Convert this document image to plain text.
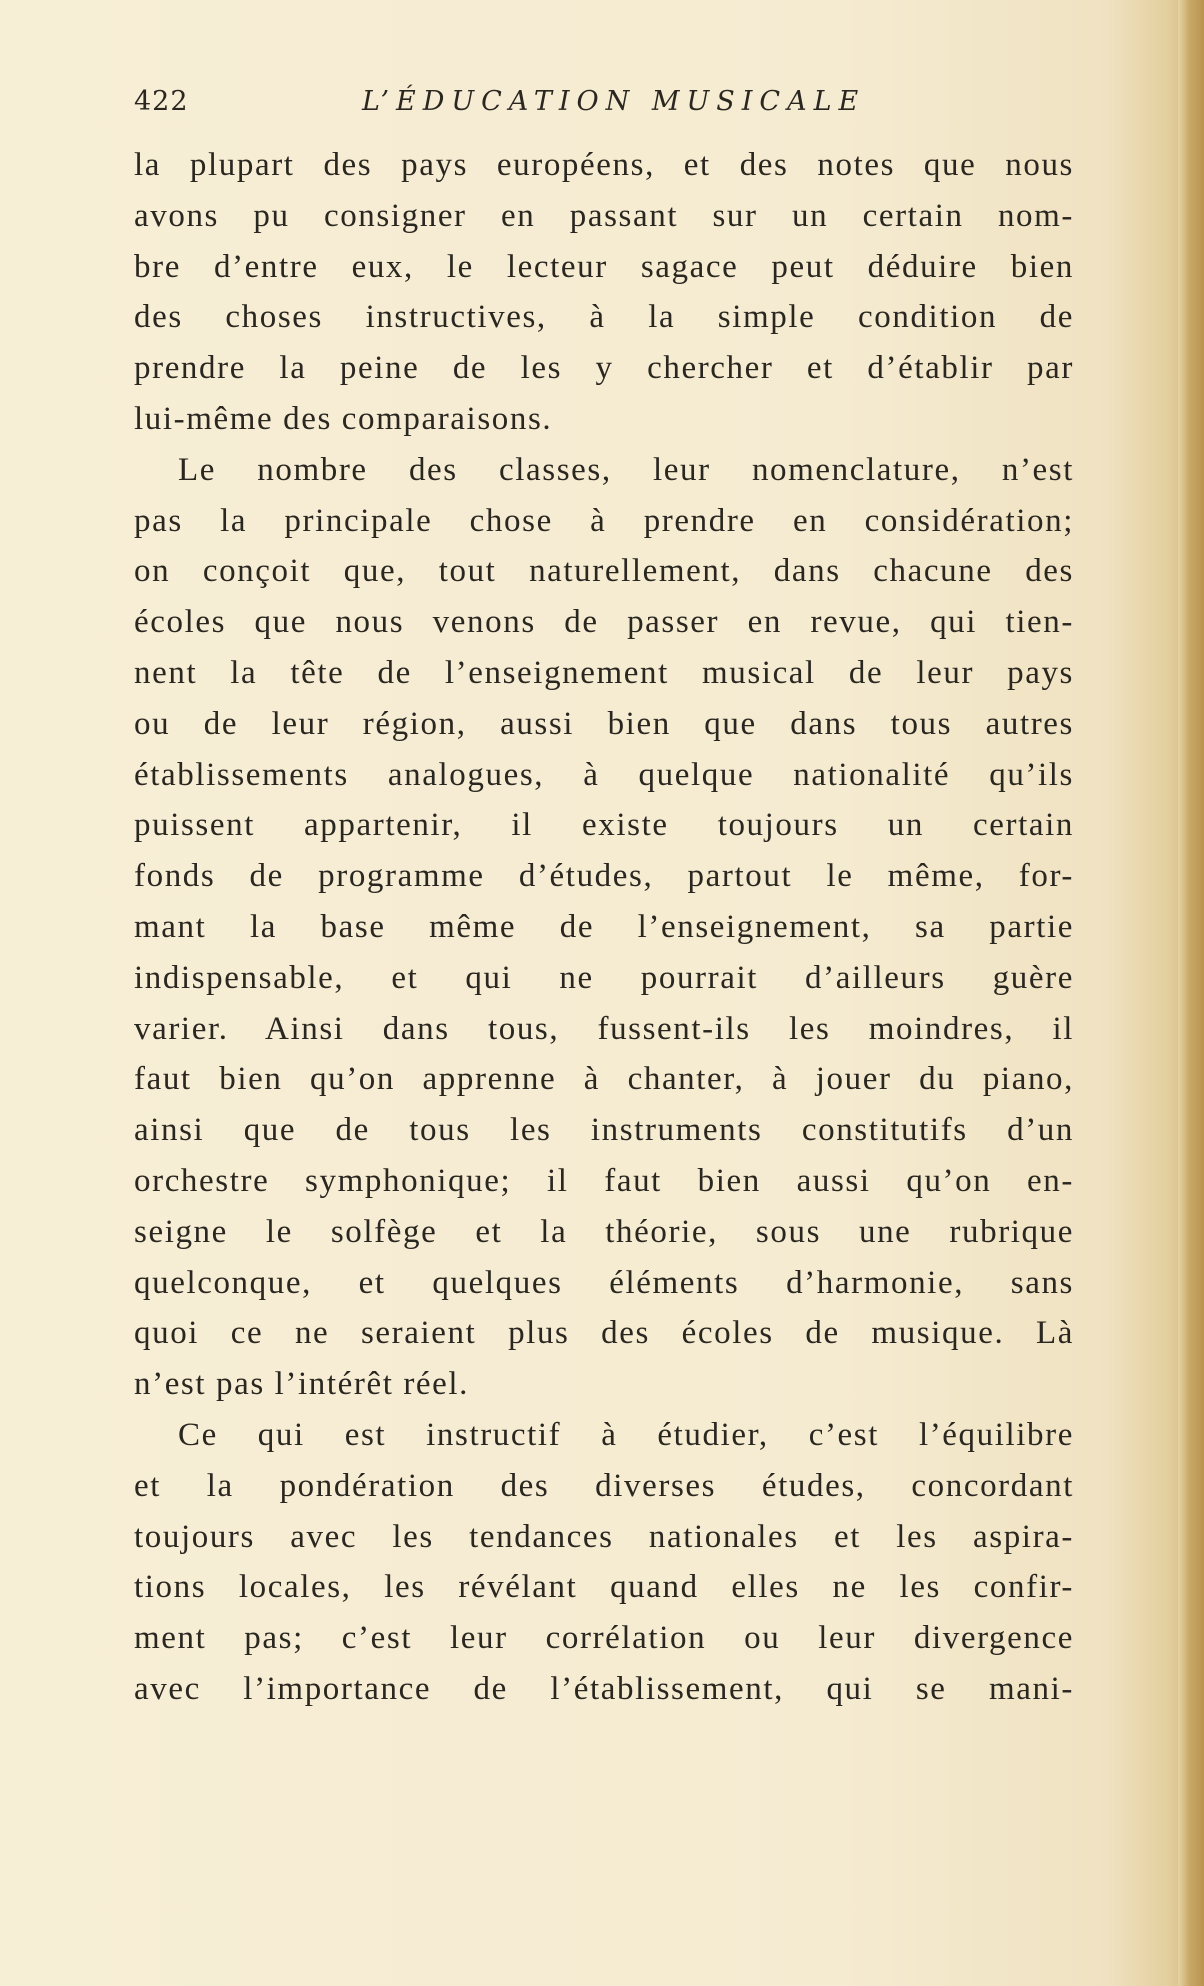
422	L’ÉDUCATION MUSICALE
la plupart des pays européens, et des notes que nous
avons pu consigner en passant sur un certain nom-
bre d’entre eux, le lecteur sagace peut déduire bien
des choses instructives, à la simple condition de
prendre la peine de les y chercher et d’établir par
lui-même des comparaisons.
Le nombre des classes, leur nomenclature, n’est
pas la principale chose à prendre en considération;
on conçoit que, tout naturellement, dans chacune des
écoles que nous venons de passer en revue, qui tien-
nent la tête de l’enseignement musical de leur pays
ou de leur région, aussi bien que dans tous autres
établissements analogues, à quelque nationalité qu’ils
puissent appartenir, il existe toujours un certain
fonds de programme d’études, partout le même, for-
mant la base même de l’enseignement, sa partie
indispensable, et qui ne pourrait d’ailleurs guère
varier. Ainsi dans tous, fussent-ils les moindres, il
faut bien qu’on apprenne à chanter, à jouer du piano,
ainsi que de tous les instruments constitutifs d’un
orchestre symphonique; il faut bien aussi qu’on en-
seigne le solfège et la théorie, sous une rubrique
quelconque, et quelques éléments d’harmonie, sans
quoi ce ne seraient plus des écoles de musique. Là
n’est pas l’intérêt réel.
Ce qui est instructif à étudier, c’est l’équilibre
et la pondération des diverses études, concordant
toujours avec les tendances nationales et les aspira-
tions locales, les révélant quand elles ne les confir-
ment pas; c’est leur corrélation ou leur divergence
avec l’importance de l’établissement, qui se mani-
